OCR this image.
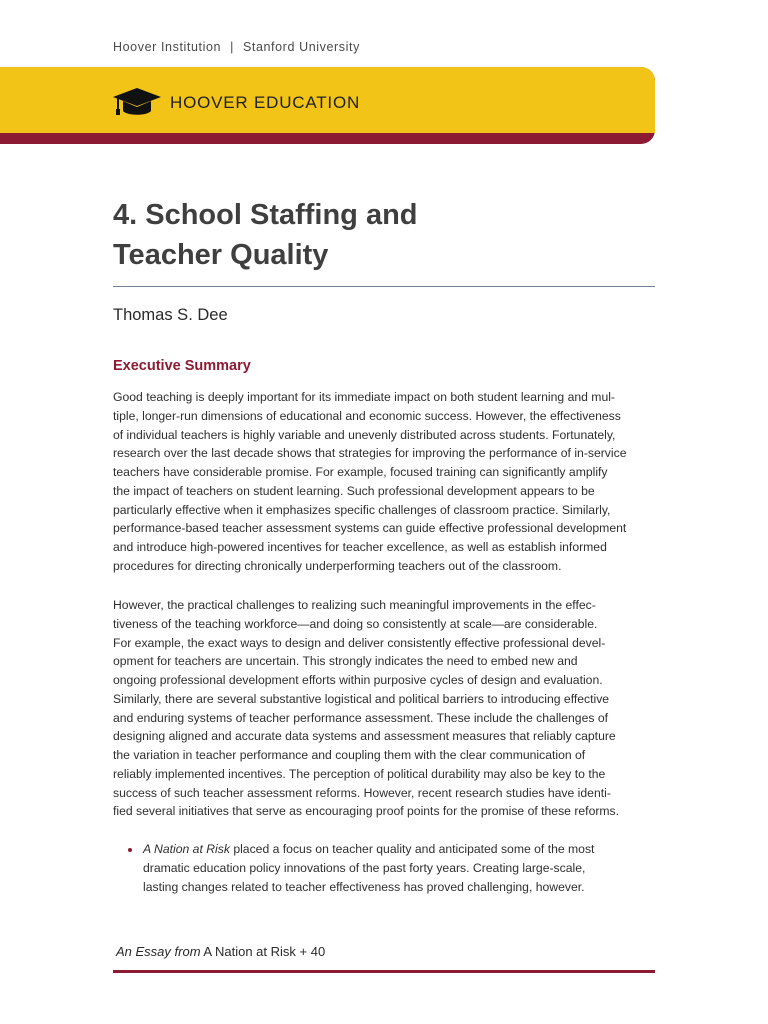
Hoover Institution | Stanford University
HOOVER EDUCATION
4. School Staffing and
Teacher Quality
Thomas S. Dee
Executive Summary

Good teaching is deeply important for its immediate impact on both student learning and mul-
tiple, longer-run dimensions of educational and economic success. However, the effectiveness
of individual teachers is highly variable and unevenly distributed across students. Fortunately,
research over the last decade shows that strategies for improving the performance of in-service
teachers have considerable promise. For example, focused training can significantly amplify
the impact of teachers on student learning. Such professional development appears to be
particularly effective when it emphasizes specific challenges of classroom practice. Similarly,
performance-based teacher assessment systems can guide effective professional development
and introduce high-powered incentives for teacher excellence, as well as establish informed
procedures for directing chronically underperforming teachers out of the classroom.

However, the practical challenges to realizing such meaningful improvements in the effec-
tiveness of the teaching workforce—and doing so consistently at scale—are considerable.
For example, the exact ways to design and deliver consistently effective professional devel-
opment for teachers are uncertain. This strongly indicates the need to embed new and
ongoing professional development efforts within purposive cycles of design and evaluation.
Similarly, there are several substantive logistical and political barriers to introducing effective
and enduring systems of teacher performance assessment. These include the challenges of
designing aligned and accurate data systems and assessment measures that reliably capture
the variation in teacher performance and coupling them with the clear communication of
reliably implemented incentives. The perception of political durability may also be key to the
success of such teacher assessment reforms. However, recent research studies have identi-
fied several initiatives that serve as encouraging proof points for the promise of these reforms.

A Nation at Risk placed a focus on teacher quality and anticipated some of the most
dramatic education policy innovations of the past forty years. Creating large-scale,
lasting changes related to teacher effectiveness has proved challenging, however.
An Essay from A Nation at Risk + 40
